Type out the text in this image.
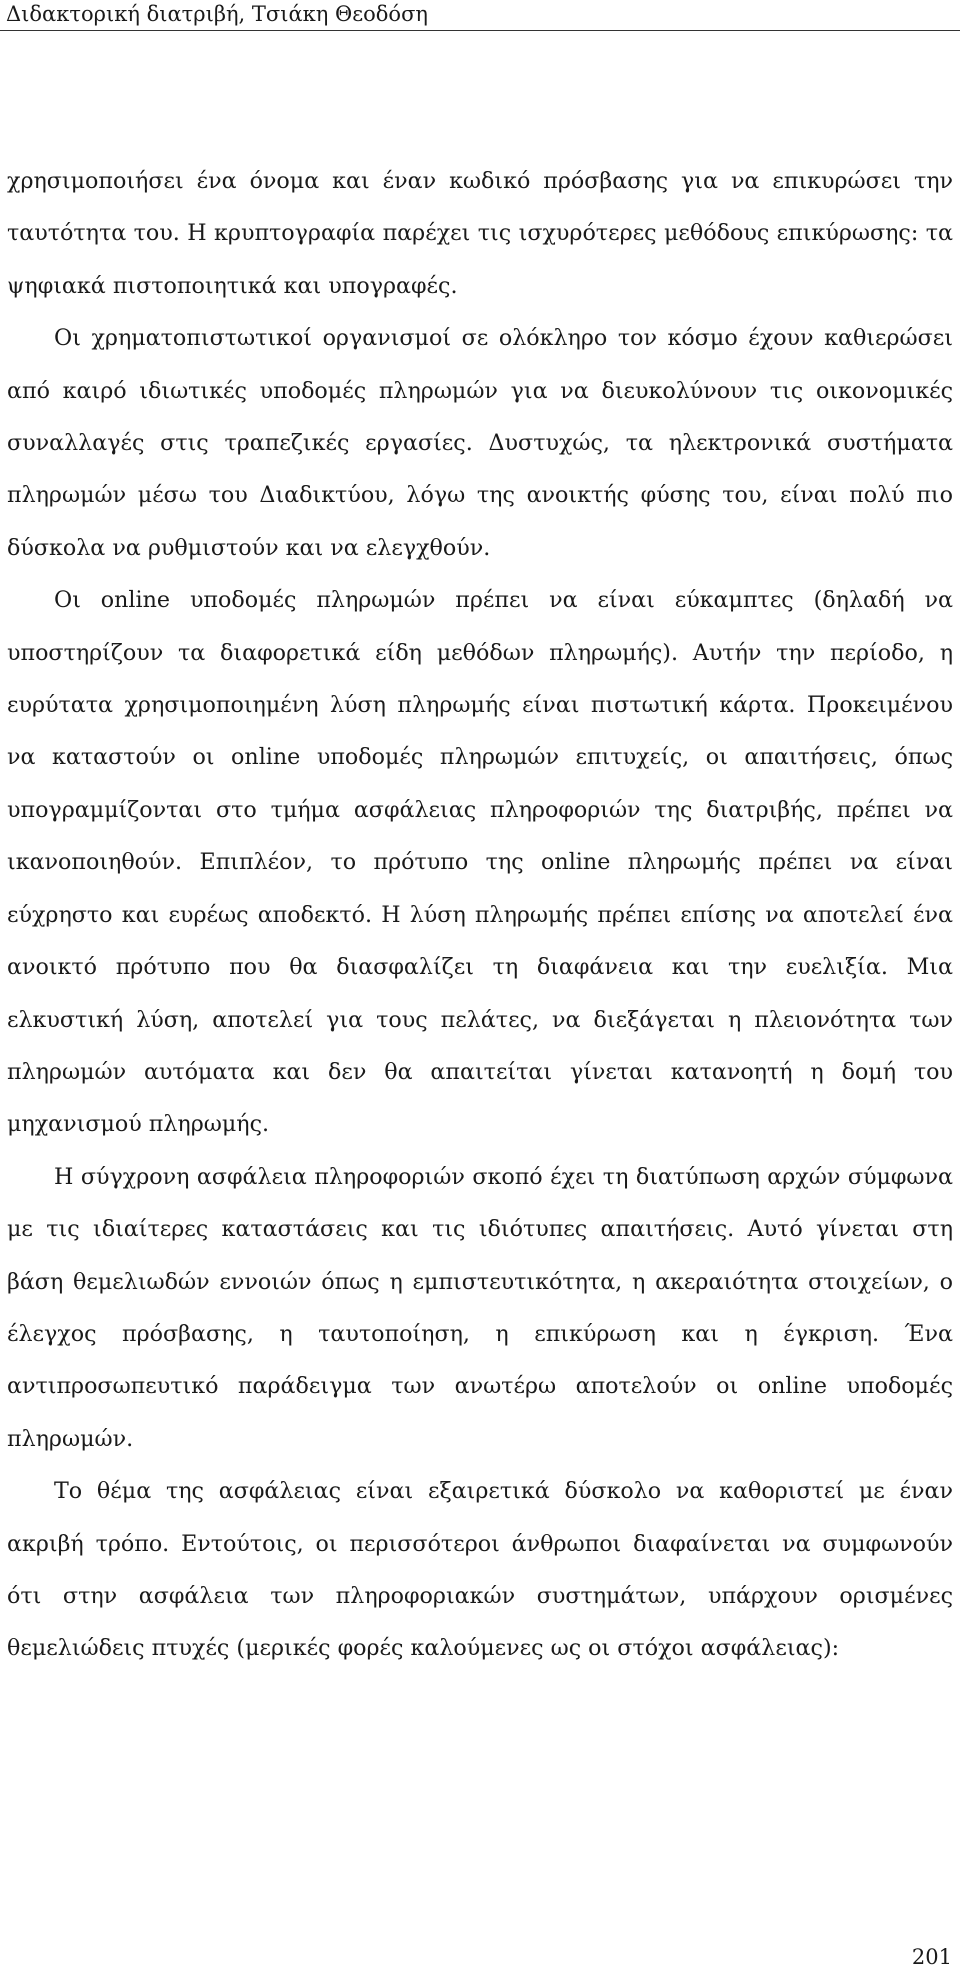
Διδακτορική διατριβή, Τσιάκη Θεοδόση

χρησιμοποιήσει ένα όνομα και έναν κωδικό πρόσβασης για να επικυρώσει την ταυτότητα του. Η κρυπτογραφία παρέχει τις ισχυρότερες μεθόδους επικύρωσης: τα ψηφιακά πιστοποιητικά και υπογραφές.

Οι χρηματοπιστωτικοί οργανισμοί σε ολόκληρο τον κόσμο έχουν καθιερώσει από καιρό ιδιωτικές υποδομές πληρωμών για να διευκολύνουν τις οικονομικές συναλλαγές στις τραπεζικές εργασίες. Δυστυχώς, τα ηλεκτρονικά συστήματα πληρωμών μέσω του Διαδικτύου, λόγω της ανοικτής φύσης του, είναι πολύ πιο δύσκολα να ρυθμιστούν και να ελεγχθούν.

Οι online υποδομές πληρωμών πρέπει να είναι εύκαμπτες (δηλαδή να υποστηρίζουν τα διαφορετικά είδη μεθόδων πληρωμής). Αυτήν την περίοδο, η ευρύτατα χρησιμοποιημένη λύση πληρωμής είναι πιστωτική κάρτα. Προκειμένου να καταστούν οι online υποδομές πληρωμών επιτυχείς, οι απαιτήσεις, όπως υπογραμμίζονται στο τμήμα ασφάλειας πληροφοριών της διατριβής, πρέπει να ικανοποιηθούν. Επιπλέον, το πρότυπο της online πληρωμής πρέπει να είναι εύχρηστο και ευρέως αποδεκτό. Η λύση πληρωμής πρέπει επίσης να αποτελεί ένα ανοικτό πρότυπο που θα διασφαλίζει τη διαφάνεια και την ευελιξία. Μια ελκυστική λύση, αποτελεί για τους πελάτες, να διεξάγεται η πλειονότητα των πληρωμών αυτόματα και δεν θα απαιτείται γίνεται κατανοητή η δομή του μηχανισμού πληρωμής.

Η σύγχρονη ασφάλεια πληροφοριών σκοπό έχει τη διατύπωση αρχών σύμφωνα με τις ιδιαίτερες καταστάσεις και τις ιδιότυπες απαιτήσεις. Αυτό γίνεται στη βάση θεμελιωδών εννοιών όπως η εμπιστευτικότητα, η ακεραιότητα στοιχείων, ο έλεγχος πρόσβασης, η ταυτοποίηση, η επικύρωση και η έγκριση. Ένα αντιπροσωπευτικό παράδειγμα των ανωτέρω αποτελούν οι online υποδομές πληρωμών.

Το θέμα της ασφάλειας είναι εξαιρετικά δύσκολο να καθοριστεί με έναν ακριβή τρόπο. Εντούτοις, οι περισσότεροι άνθρωποι διαφαίνεται να συμφωνούν ότι στην ασφάλεια των πληροφοριακών συστημάτων, υπάρχουν ορισμένες θεμελιώδεις πτυχές (μερικές φορές καλούμενες ως οι στόχοι ασφάλειας):

201
